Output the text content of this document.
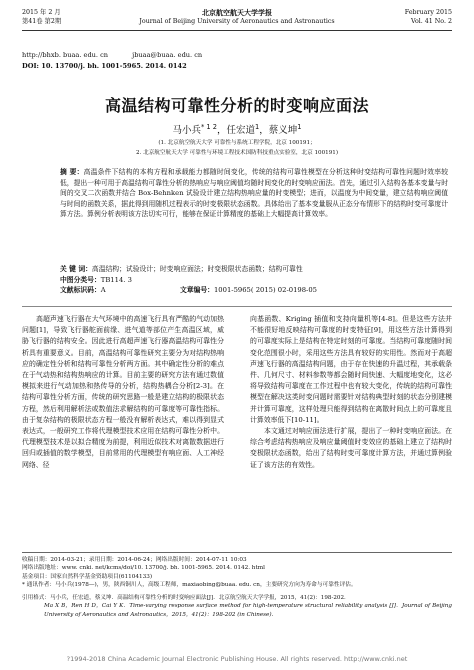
2015 年 2 月
第41卷 第2期
北京航空航天大学学报
Journal of Beijing University of Aeronautics and Astronautics
February 2015
Vol. 41 No. 2
http://bhxb. buaa. edu. cn	jbuaa@buaa. edu. cn
DOI: 10. 13700/j. bh. 1001-5965. 2014. 0142
高温结构可靠性分析的时变响应面法
马小兵$^{* 1 2}$，任宏道$^1$，蔡义坤$^1$
(1. 北京航空航天大学 可靠性与系统工程学院，北京 100191；
2. 北京航空航天大学 可靠性与环境工程技术国防科技重点实验室，北京 100191)
摘 要：高温条件下结构的本构方程和承载能力都随时间变化，传统的结构可靠性模型在分析这种时变结构可靠性问题时效率较低，提出一种可用于高温结构可靠性分析的热响应与响应阈值均随时间变化的时变响应面法。首先，通过引入结构各基本变量与时间的交叉二次函数并结合 Box-Behnken 试验设计建立结构热响应量的时变模型；进而，以温度为中间变量，建立结构响应阈值与时间的函数关系，据此得到用随机过程表示的时变极限状态函数。具体给出了基本变量服从正态分布情形下的结构时变可靠度计算方法。算例分析表明该方法切实可行，能够在保证计算精度的基础上大幅提高计算效率。
关 键 词：高温结构；试验设计；时变响应面法；时变极限状态函数；结构可靠性
中图分类号：TB114. 3
文献标识码：A	文章编号：1001-5965( 2015) 02-0198-05

高超声速飞行器在大气环境中的高速飞行具有严酷的气动加热问题[1]，导致飞行器舵面前缘、进气道等部位产生高温区域，威胁飞行器的结构安全。因此进行高超声速飞行器高温结构可靠性分析具有重要意义。目前，高温结构可靠性研究主要分为对结构热响应的确定性分析和结构可靠性分析两方面。其中确定性分析的难点在于气动热和结构热响应的计算。目前主要的研究方法有通过数值模拟来进行气动加热和热传导的分析，结构热耦合分析[2-3]。在结构可靠性分析方面，传统的研究思路一般是建立结构的极限状态方程，然后利用解析法或数值法求解结构的可靠度等可靠性指标。由于复杂结构的极限状态方程一般没有解析表达式，难以得到显式表达式，一般研究工作将代理模型技术应用在结构可靠性分析中。代理模型技术是以拟合精度为前提，利用近似技术对离散数据进行回归或插值的数学模型，目前常用的代理模型有响应面、人工神经网络、径

向基函数、Kriging 插值和支持向量机等[4-8]。但是这些方法并不能很好地反映结构可靠度的时变特征[9]，用这些方法计算得到的可靠度实际上是结构在特定时刻的可靠度。当结构可靠度随时间变化范围很小时，采用这些方法具有较好的实用性。然而对于高超声速飞行器的高温结构问题，由于存在快速的升温过程，其承载条件、几何尺寸、材料参数等都会随时间快速、大幅度地变化，这必将导致结构可靠度在工作过程中也有较大变化，传统的结构可靠性模型在解决这类时变问题时需要针对结构典型时刻的状态分别建模并计算可靠度，这样处理只能得到结构在离散时间点上的可靠度且计算效率低下[10-11]。

本文通过对响应面法进行扩展，提出了一种时变响应面法。在综合考虑结构热响应及响应量阈值时变效应的基础上建立了结构时变极限状态函数，给出了结构时变可靠度计算方法，并通过算例验证了该方法的有效性。

收稿日期：2014-03-21；录用日期：2014-06-24；网络出版时间：2014-07-11 10:03
网络出版地址：www. cnki. net/kcms/doi/10. 13700/j. bh. 1001-5965. 2014. 0142. html
基金项目：国家自然科学基金资助项目(61104133)
* 通讯作者：马小兵(1978—)，男，陕西铜川人，高级工程师，maxiaobing@buaa. edu. cn，主要研究方向为寿命与可靠性评估。
引用格式：马小兵，任宏道，蔡义坤．高温结构可靠性分析的时变响应面法[J]．北京航空航天大学学报，2015，41(2)：198-202．
Ma X B，Ren H D，Cai Y K．Time-varying response surface method for high-temperature structural reliability analysis [J]．Journal of Beijing University of Aeronautics and Astronautics，2015，41(2)：198-202 (in Chinese).
?1994-2018 China Academic Journal Electronic Publishing House. All rights reserved. http://www.cnki.net
